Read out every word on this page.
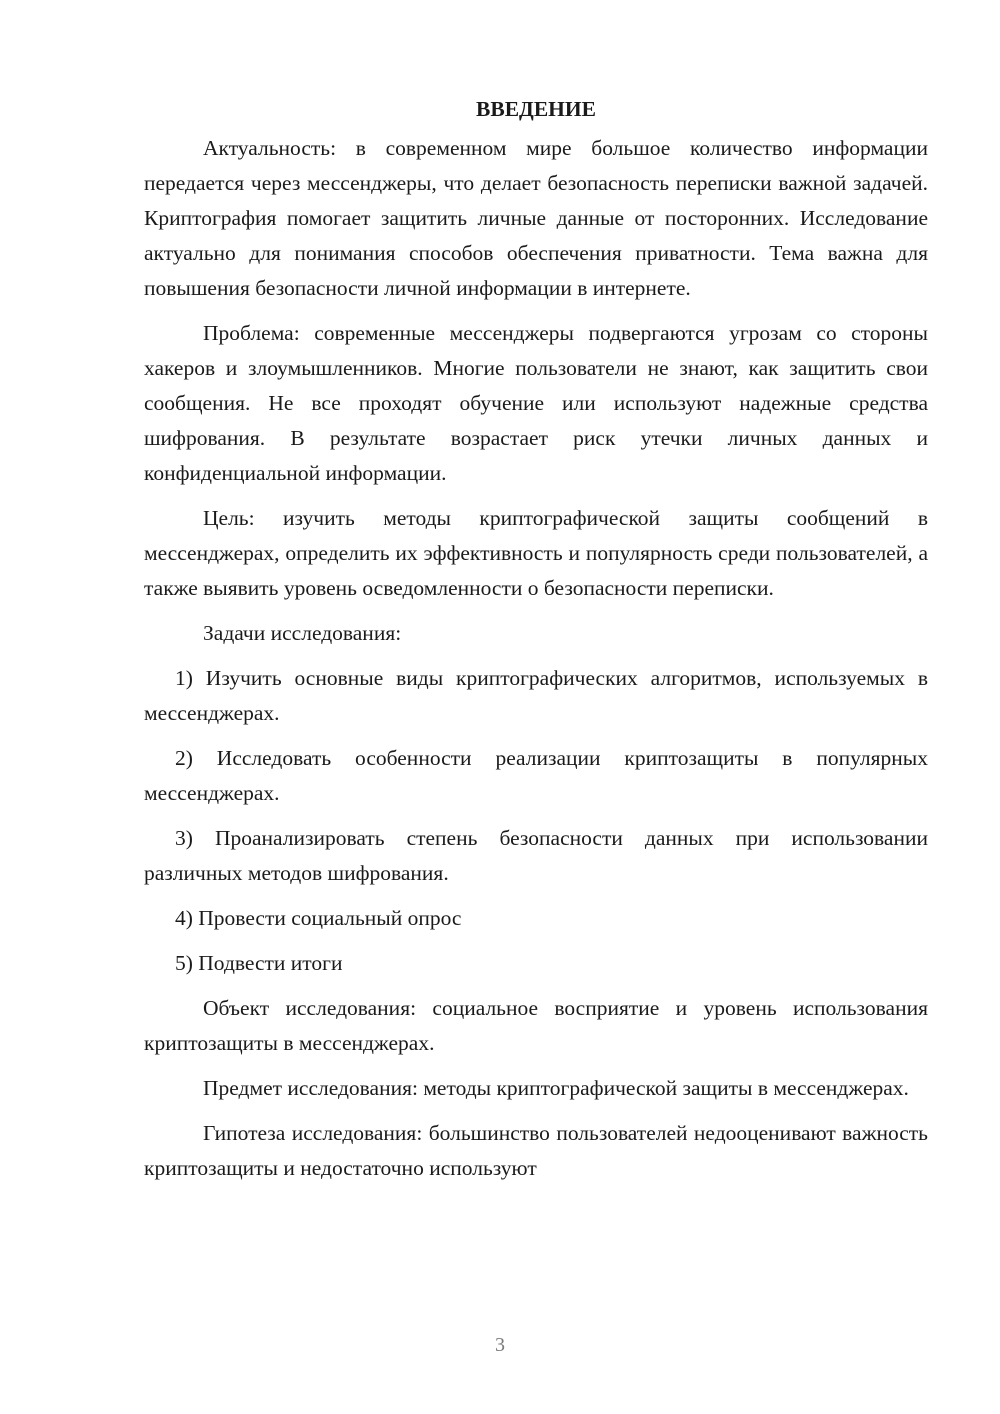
ВВЕДЕНИЕ

Актуальность: в современном мире большое количество информации передается через мессенджеры, что делает безопасность переписки важной задачей. Криптография помогает защитить личные данные от посторонних. Исследование актуально для понимания способов обеспечения приватности. Тема важна для повышения безопасности личной информации в интернете.

Проблема: современные мессенджеры подвергаются угрозам со стороны хакеров и злоумышленников. Многие пользователи не знают, как защитить свои сообщения. Не все проходят обучение или используют надежные средства шифрования. В результате возрастает риск утечки личных данных и конфиденциальной информации.

Цель: изучить методы криптографической защиты сообщений в мессенджерах, определить их эффективность и популярность среди пользователей, а также выявить уровень осведомленности о безопасности переписки.

Задачи исследования:

1) Изучить основные виды криптографических алгоритмов, используемых в мессенджерах.

2) Исследовать особенности реализации криптозащиты в популярных мессенджерах.

3) Проанализировать степень безопасности данных при использовании различных методов шифрования.

4) Провести социальный опрос

5) Подвести итоги

Объект исследования: социальное восприятие и уровень использования криптозащиты в мессенджерах.

Предмет исследования: методы криптографической защиты в мессенджерах.

Гипотеза исследования: большинство пользователей недооценивают важность криптозащиты и недостаточно используют

3
